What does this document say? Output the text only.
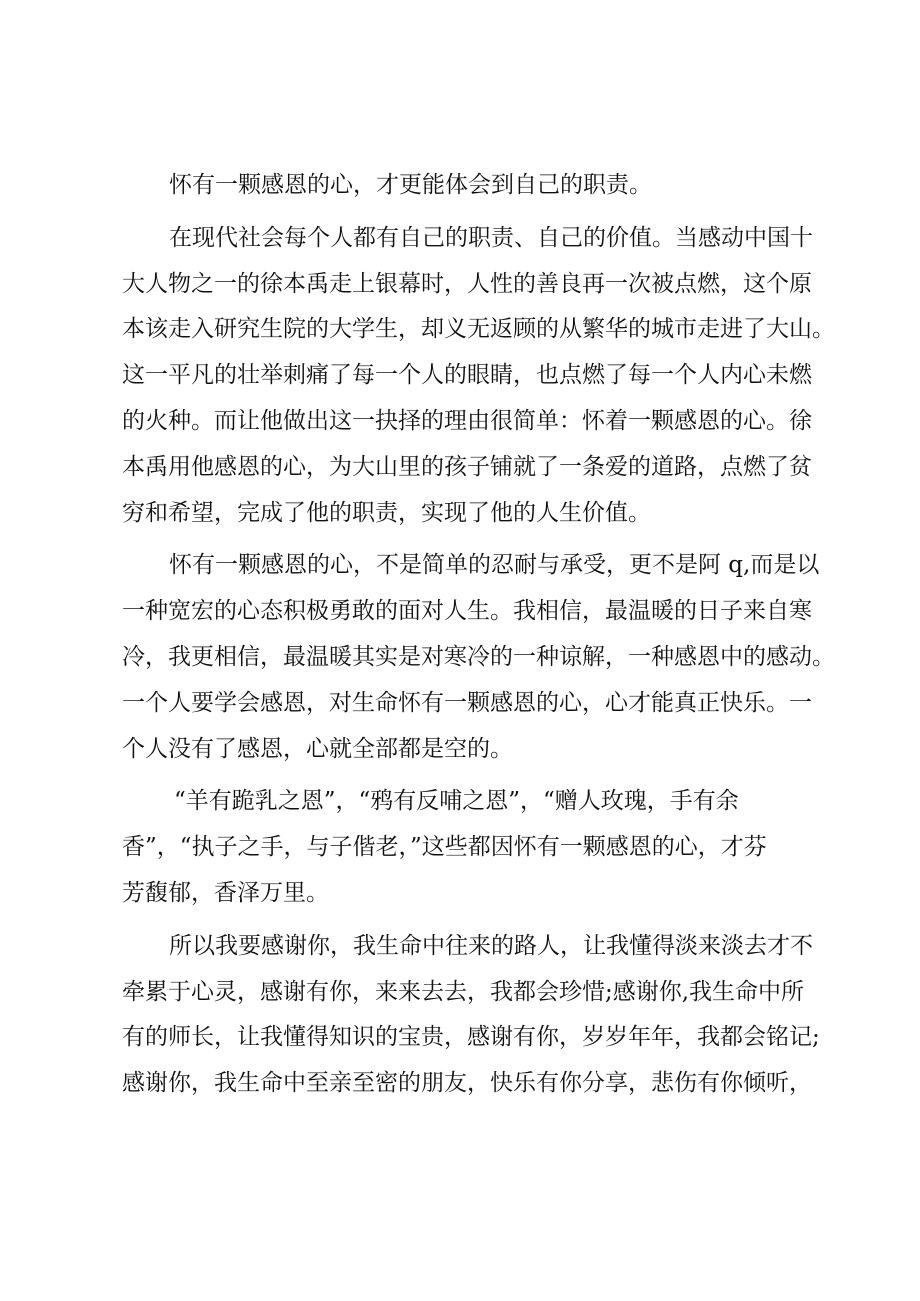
怀有一颗感恩的心，才更能体会到自己的职责。
在现代社会每个人都有自己的职责、自己的价值。当感动中国十
大人物之一的徐本禹走上银幕时，人性的善良再一次被点燃，这个原
本该走入研究生院的大学生，却义无返顾的从繁华的城市走进了大山。
这一平凡的壮举刺痛了每一个人的眼睛，也点燃了每一个人内心未燃
的火种。而让他做出这一抉择的理由很简单：怀着一颗感恩的心。徐
本禹用他感恩的心，为大山里的孩子铺就了一条爱的道路，点燃了贫
穷和希望，完成了他的职责，实现了他的人生价值。
怀有一颗感恩的心，不是简单的忍耐与承受，更不是阿 q,而是以
一种宽宏的心态积极勇敢的面对人生。我相信，最温暖的日子来自寒
冷，我更相信，最温暖其实是对寒冷的一种谅解，一种感恩中的感动。
一个人要学会感恩，对生命怀有一颗感恩的心，心才能真正快乐。一
个人没有了感恩，心就全部都是空的。
“羊有跪乳之恩”，“鸦有反哺之恩”，“赠人玫瑰，手有余
香”，“执子之手，与子偕老，”这些都因怀有一颗感恩的心，才芬
芳馥郁，香泽万里。
所以我要感谢你，我生命中往来的路人，让我懂得淡来淡去才不
牵累于心灵，感谢有你，来来去去，我都会珍惜;感谢你,我生命中所
有的师长，让我懂得知识的宝贵，感谢有你，岁岁年年，我都会铭记;
感谢你，我生命中至亲至密的朋友，快乐有你分享，悲伤有你倾听，
